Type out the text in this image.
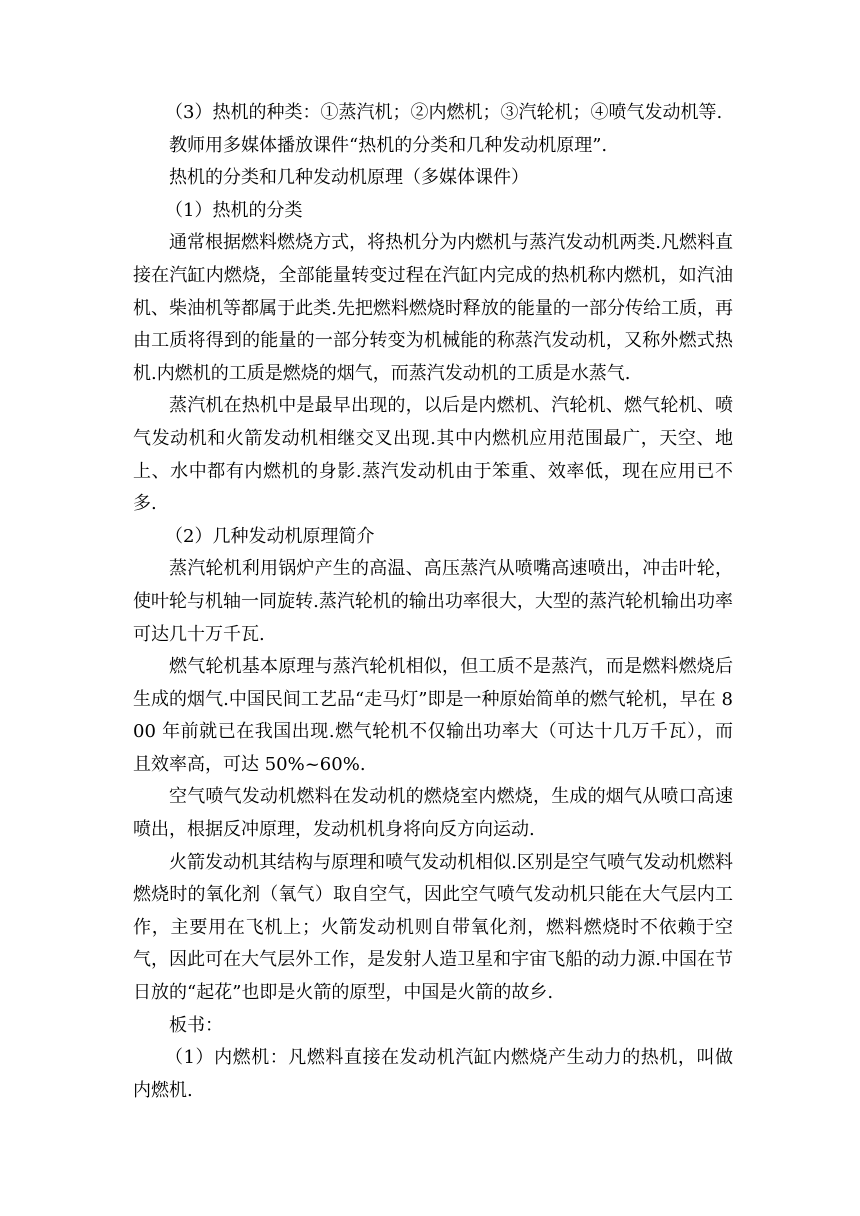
（3）热机的种类：①蒸汽机；②内燃机；③汽轮机；④喷气发动机等.

教师用多媒体播放课件“热机的分类和几种发动机原理”.

热机的分类和几种发动机原理（多媒体课件）

（1）热机的分类

通常根据燃料燃烧方式，将热机分为内燃机与蒸汽发动机两类.凡燃料直接在汽缸内燃烧，全部能量转变过程在汽缸内完成的热机称内燃机，如汽油机、柴油机等都属于此类.先把燃料燃烧时释放的能量的一部分传给工质，再由工质将得到的能量的一部分转变为机械能的称蒸汽发动机，又称外燃式热机.内燃机的工质是燃烧的烟气，而蒸汽发动机的工质是水蒸气.

蒸汽机在热机中是最早出现的，以后是内燃机、汽轮机、燃气轮机、喷气发动机和火箭发动机相继交叉出现.其中内燃机应用范围最广，天空、地上、水中都有内燃机的身影.蒸汽发动机由于笨重、效率低，现在应用已不多.

（2）几种发动机原理简介

蒸汽轮机利用锅炉产生的高温、高压蒸汽从喷嘴高速喷出，冲击叶轮，使叶轮与机轴一同旋转.蒸汽轮机的输出功率很大，大型的蒸汽轮机输出功率可达几十万千瓦.

燃气轮机基本原理与蒸汽轮机相似，但工质不是蒸汽，而是燃料燃烧后生成的烟气.中国民间工艺品“走马灯”即是一种原始简单的燃气轮机，早在 800 年前就已在我国出现.燃气轮机不仅输出功率大（可达十几万千瓦），而且效率高，可达 50%~60%.

空气喷气发动机燃料在发动机的燃烧室内燃烧，生成的烟气从喷口高速喷出，根据反冲原理，发动机机身将向反方向运动.

火箭发动机其结构与原理和喷气发动机相似.区别是空气喷气发动机燃料燃烧时的氧化剂（氧气）取自空气，因此空气喷气发动机只能在大气层内工作，主要用在飞机上；火箭发动机则自带氧化剂，燃料燃烧时不依赖于空气，因此可在大气层外工作，是发射人造卫星和宇宙飞船的动力源.中国在节日放的“起花”也即是火箭的原型，中国是火箭的故乡.

板书：

（1）内燃机：凡燃料直接在发动机汽缸内燃烧产生动力的热机，叫做内燃机.
